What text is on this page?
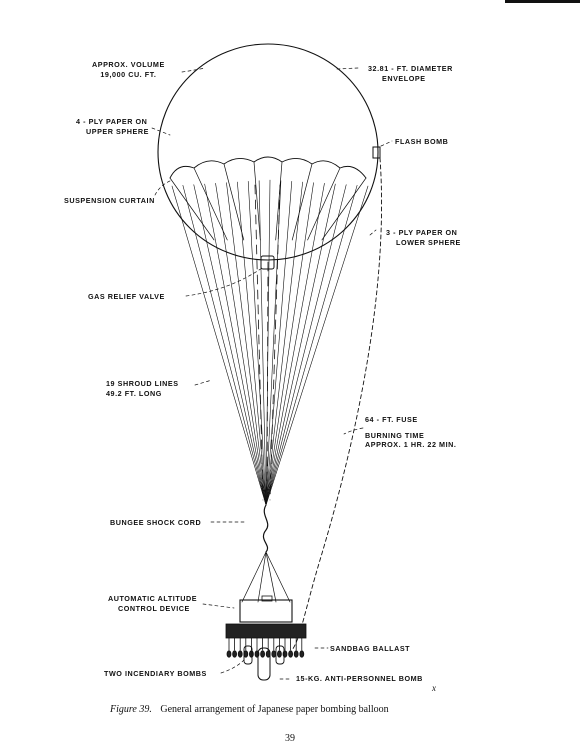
APPROX. VOLUME
19,000 CU. FT.
32.81 - FT. DIAMETER
ENVELOPE
4 - PLY PAPER ON
UPPER SPHERE
FLASH BOMB
SUSPENSION CURTAIN
3 - PLY PAPER ON
LOWER SPHERE
GAS RELIEF VALVE
19 SHROUD LINES
49.2 FT. LONG
64 - FT. FUSE
BURNING TIME
APPROX. 1 HR. 22 MIN.
BUNGEE SHOCK CORD
AUTOMATIC ALTITUDE
CONTROL DEVICE
SANDBAG BALLAST
TWO INCENDIARY BOMBS
15-KG. ANTI-PERSONNEL BOMB
x
Figure 39. General arrangement of Japanese paper bombing balloon
39
